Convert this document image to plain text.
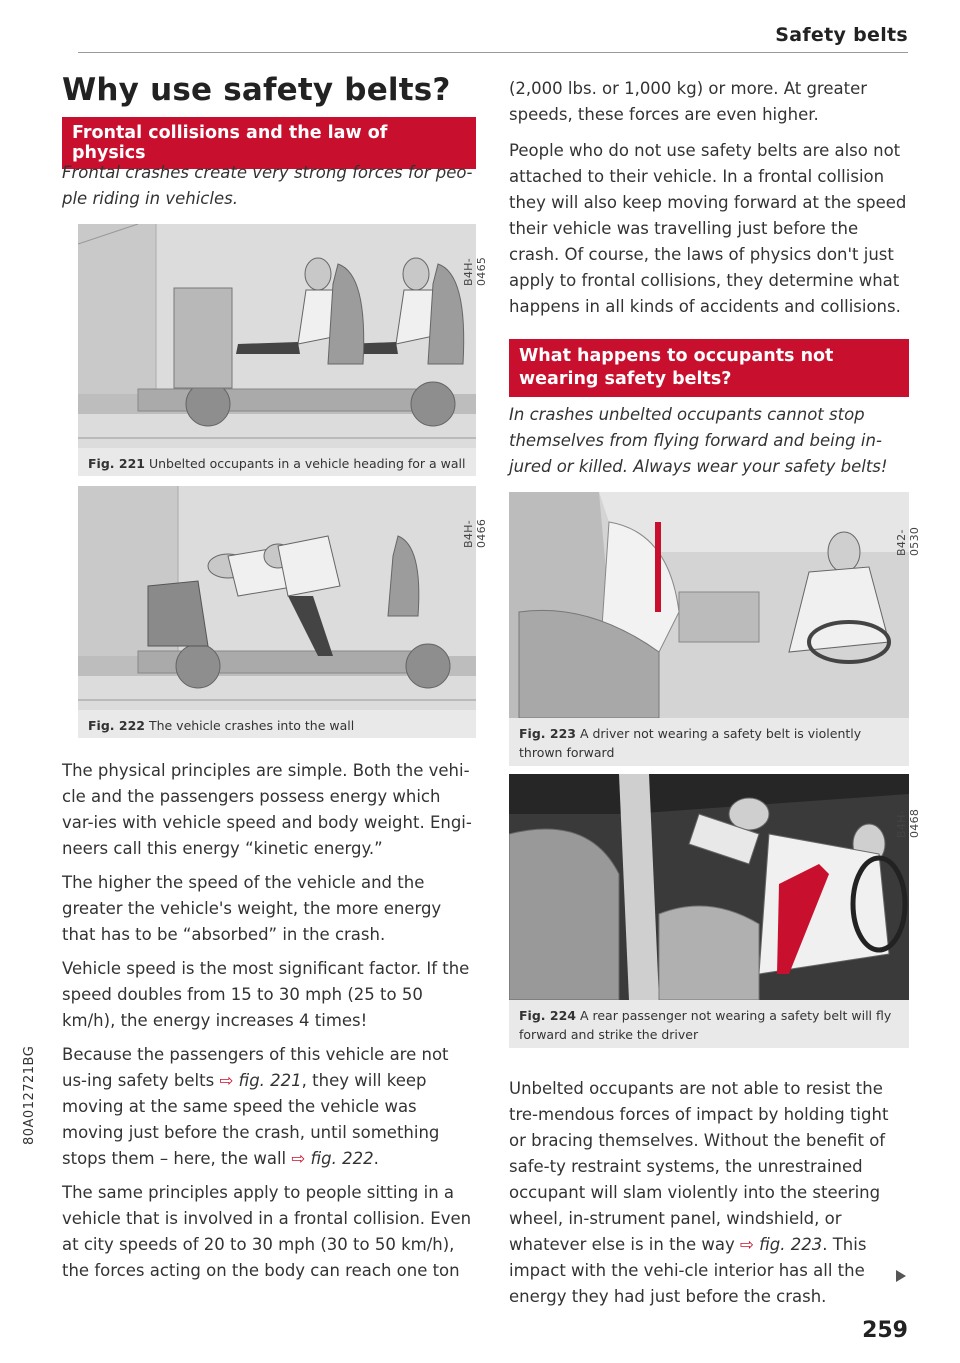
Safety belts
80A012721BG
Why use safety belts?
Frontal collisions and the law of physics

Frontal crashes create very strong forces for peo-ple riding in vehicles.

B4H-0465
Fig. 221 Unbelted occupants in a vehicle heading for a wall
B4H-0466
Fig. 222 The vehicle crashes into the wall

The physical principles are simple. Both the vehi-cle and the passengers possess energy which var-ies with vehicle speed and body weight. Engi-neers call this energy “kinetic energy.”

The higher the speed of the vehicle and the greater the vehicle's weight, the more energy that has to be “absorbed” in the crash.

Vehicle speed is the most significant factor. If the speed doubles from 15 to 30 mph (25 to 50 km/h), the energy increases 4 times!

Because the passengers of this vehicle are not us-ing safety belts ⇨ fig. 221, they will keep moving at the same speed the vehicle was moving just before the crash, until something stops them – here, the wall ⇨ fig. 222.

The same principles apply to people sitting in a vehicle that is involved in a frontal collision. Even at city speeds of 20 to 30 mph (30 to 50 km/h), the forces acting on the body can reach one ton

(2,000 lbs. or 1,000 kg) or more. At greater speeds, these forces are even higher.

People who do not use safety belts are also not attached to their vehicle. In a frontal collision they will also keep moving forward at the speed their vehicle was travelling just before the crash. Of course, the laws of physics don't just apply to frontal collisions, they determine what happens in all kinds of accidents and collisions.

What happens to occupants not wearing safety belts?

In crashes unbelted occupants cannot stop themselves from flying forward and being in-jured or killed. Always wear your safety belts!

B42-0530
Fig. 223 A driver not wearing a safety belt is violently thrown forward
B4H-0468
Fig. 224 A rear passenger not wearing a safety belt will fly forward and strike the driver

Unbelted occupants are not able to resist the tre-mendous forces of impact by holding tight or bracing themselves. Without the benefit of safe-ty restraint systems, the unrestrained occupant will slam violently into the steering wheel, in-strument panel, windshield, or whatever else is in the way ⇨ fig. 223. This impact with the vehi-cle interior has all the energy they had just before the crash.

259
